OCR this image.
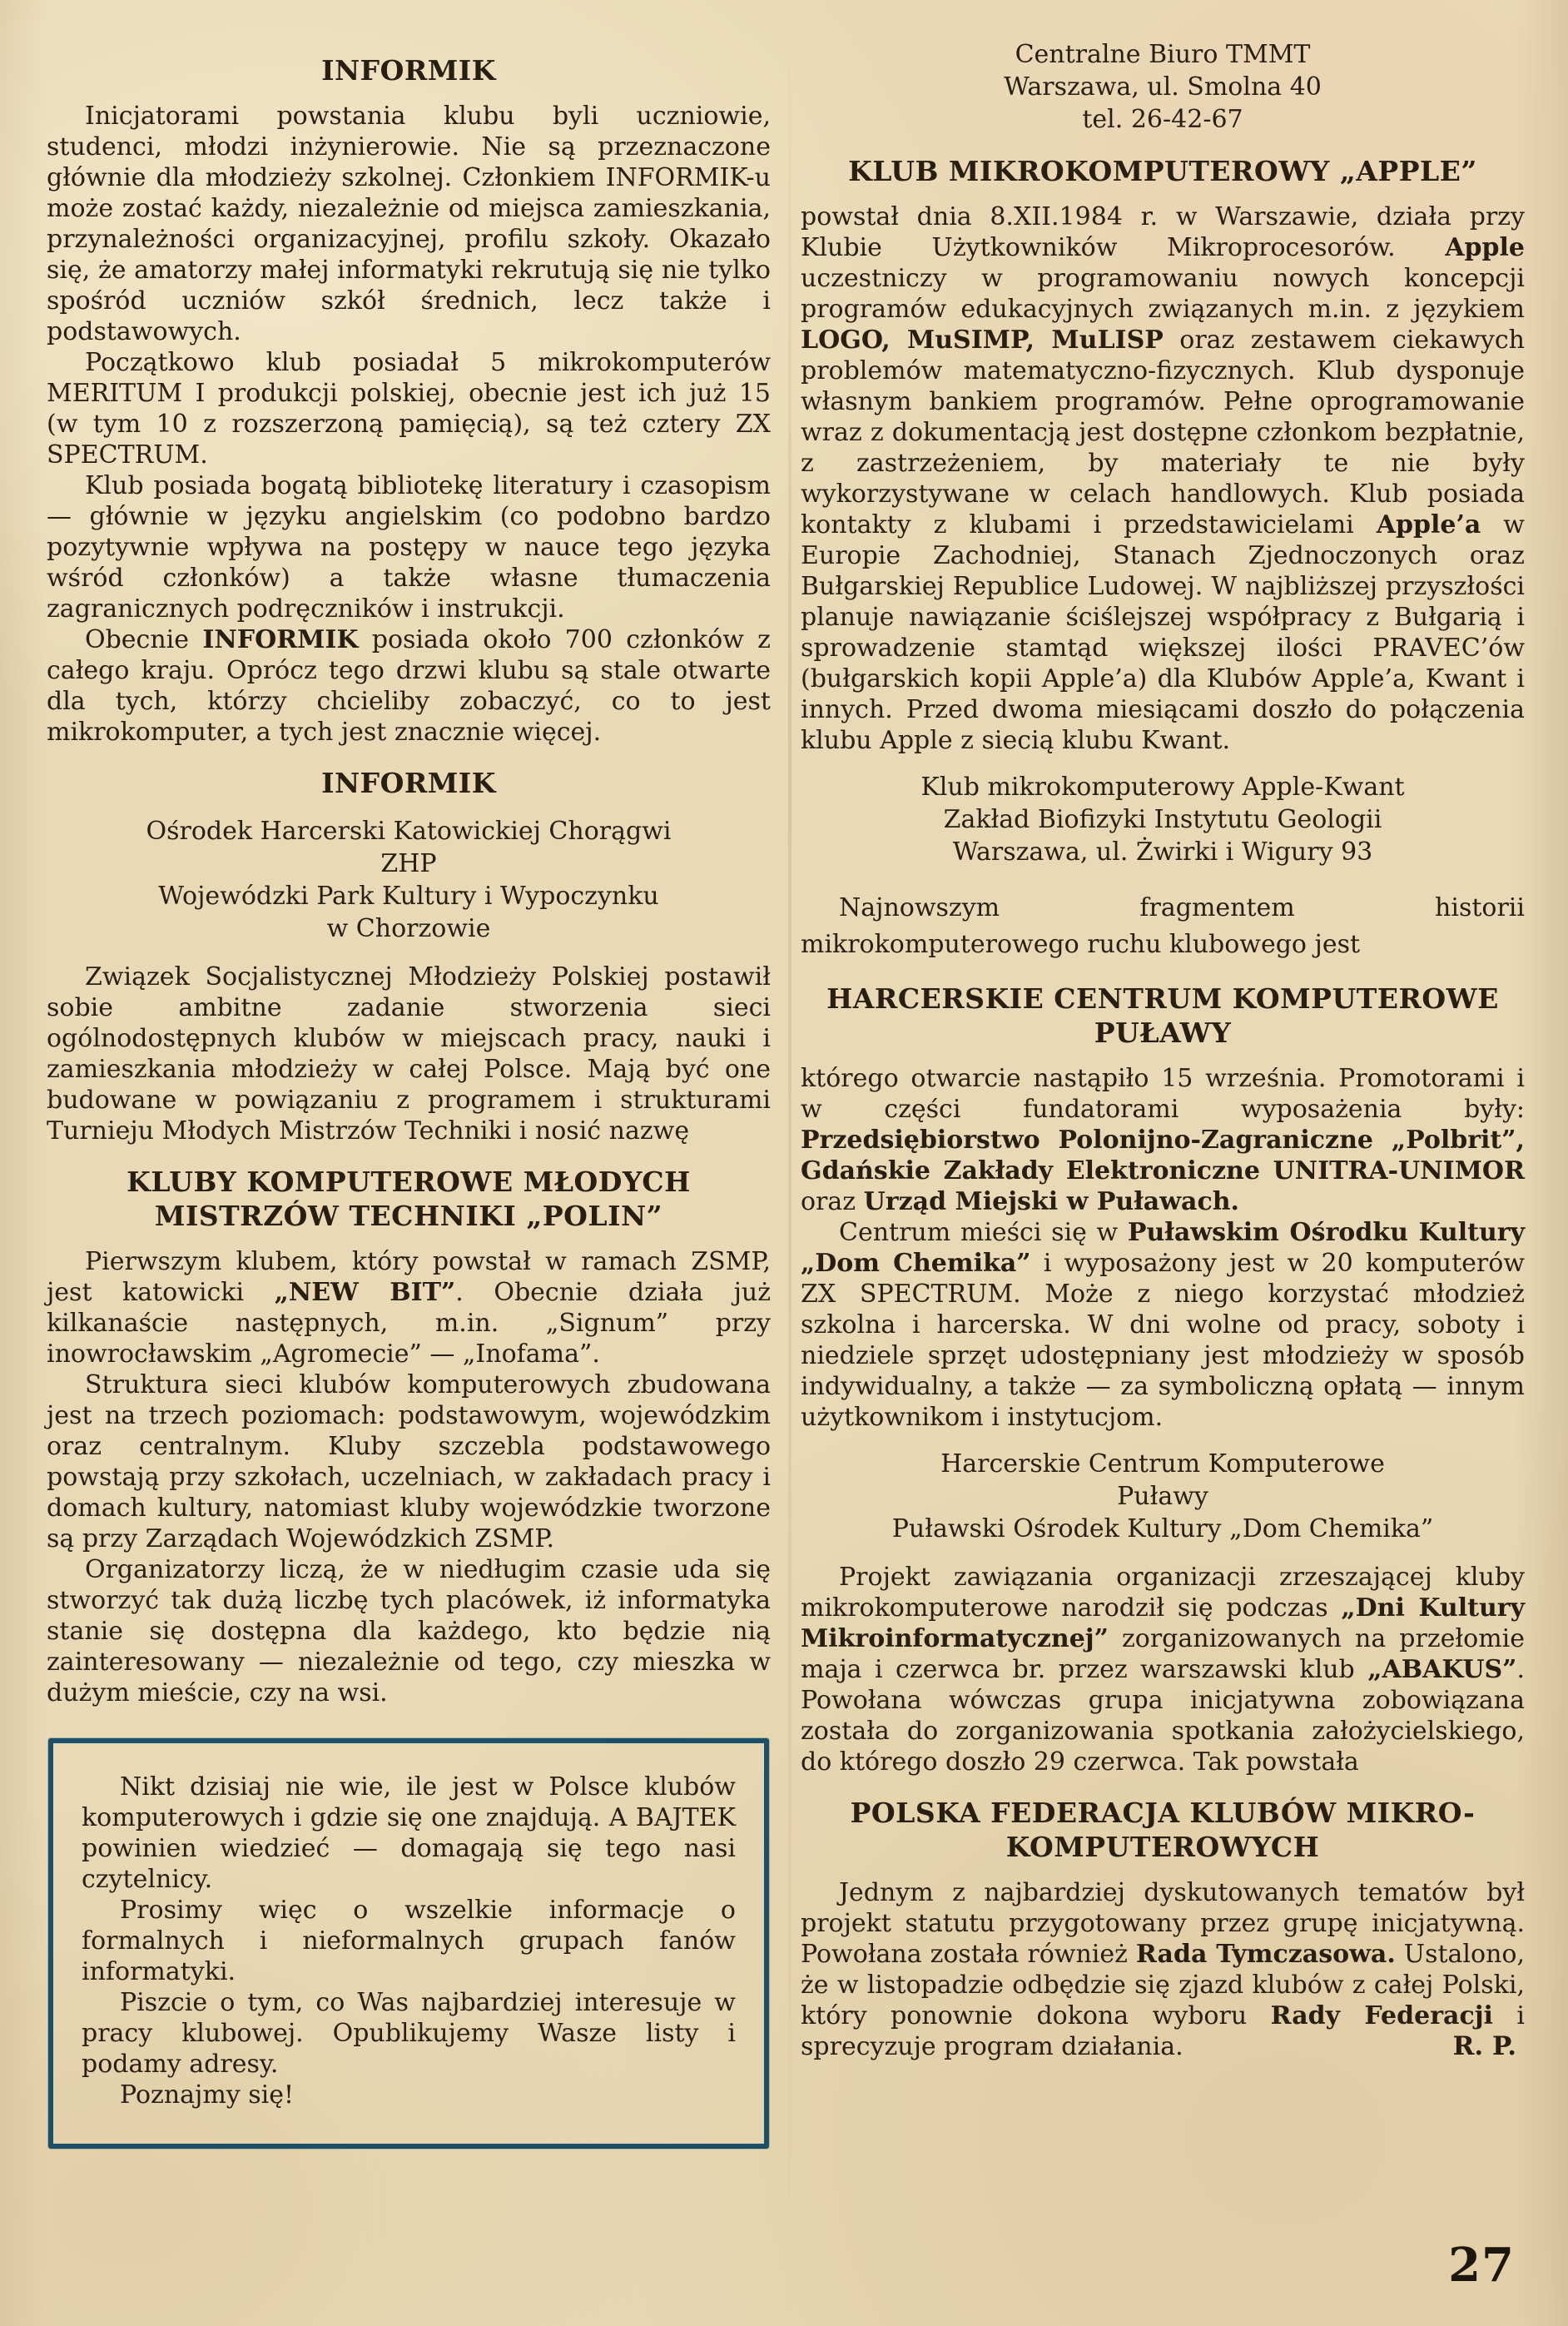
INFORMIK

Inicjatorami powstania klubu byli uczniowie, studenci, młodzi inżynierowie. Nie są przeznaczone głównie dla młodzieży szkolnej. Członkiem INFORMIK-u może zostać każdy, niezależnie od miejsca zamieszkania, przynależności organizacyjnej, profilu szkoły. Okazało się, że amatorzy małej informatyki rekrutują się nie tylko spośród uczniów szkół średnich, lecz także i podstawowych.

Początkowo klub posiadał 5 mikrokomputerów MERITUM I produkcji polskiej, obecnie jest ich już 15 (w tym 10 z rozszerzoną pamięcią), są też cztery ZX SPECTRUM.

Klub posiada bogatą bibliotekę literatury i czasopism — głównie w języku angielskim (co podobno bardzo pozytywnie wpływa na postępy w nauce tego języka wśród członków) a także własne tłumaczenia zagranicznych podręczników i instrukcji.

Obecnie INFORMIK posiada około 700 członków z całego kraju. Oprócz tego drzwi klubu są stale otwarte dla tych, którzy chcieliby zobaczyć, co to jest mikrokomputer, a tych jest znacznie więcej.

INFORMIK
Ośrodek Harcerski Katowickiej Chorągwi
ZHP
Wojewódzki Park Kultury i Wypoczynku
w Chorzowie

Związek Socjalistycznej Młodzieży Polskiej postawił sobie ambitne zadanie stworzenia sieci ogólnodostępnych klubów w miejscach pracy, nauki i zamieszkania młodzieży w całej Polsce. Mają być one budowane w powiązaniu z programem i strukturami Turnieju Młodych Mistrzów Techniki i nosić nazwę

KLUBY KOMPUTEROWE MŁODYCH
MISTRZÓW TECHNIKI „POLIN”

Pierwszym klubem, który powstał w ramach ZSMP, jest katowicki „NEW BIT”. Obecnie działa już kilkanaście następnych, m.in. „Signum” przy inowrocławskim „Agromecie” — „Inofama”.

Struktura sieci klubów komputerowych zbudowana jest na trzech poziomach: podstawowym, wojewódzkim oraz centralnym. Kluby szczebla podstawowego powstają przy szkołach, uczelniach, w zakładach pracy i domach kultury, natomiast kluby wojewódzkie tworzone są przy Zarządach Wojewódzkich ZSMP.

Organizatorzy liczą, że w niedługim czasie uda się stworzyć tak dużą liczbę tych placówek, iż informatyka stanie się dostępna dla każdego, kto będzie nią zainteresowany — niezależnie od tego, czy mieszka w dużym mieście, czy na wsi.

Nikt dzisiaj nie wie, ile jest w Polsce klubów komputerowych i gdzie się one znajdują. A BAJTEK powinien wiedzieć — domagają się tego nasi czytelnicy.

Prosimy więc o wszelkie informacje o formalnych i nieformalnych grupach fanów informatyki.

Piszcie o tym, co Was najbardziej interesuje w pracy klubowej. Opublikujemy Wasze listy i podamy adresy.

Poznajmy się!

Centralne Biuro TMMT
Warszawa, ul. Smolna 40
tel. 26-42-67
KLUB MIKROKOMPUTEROWY „APPLE”

powstał dnia 8.XII.1984 r. w Warszawie, działa przy Klubie Użytkowników Mikroprocesorów. Apple uczestniczy w programowaniu nowych koncepcji programów edukacyjnych związanych m.in. z językiem LOGO, MuSIMP, MuLISP oraz zestawem ciekawych problemów matematyczno-fizycznych. Klub dysponuje własnym bankiem programów. Pełne oprogramowanie wraz z dokumentacją jest dostępne członkom bezpłatnie, z zastrzeżeniem, by materiały te nie były wykorzystywane w celach handlowych. Klub posiada kontakty z klubami i przedstawicielami Apple’a w Europie Zachodniej, Stanach Zjednoczonych oraz Bułgarskiej Republice Ludowej. W najbliższej przyszłości planuje nawiązanie ściślejszej współpracy z Bułgarią i sprowadzenie stamtąd większej ilości PRAVEC’ów (bułgarskich kopii Apple’a) dla Klubów Apple’a, Kwant i innych. Przed dwoma miesiącami doszło do połączenia klubu Apple z siecią klubu Kwant.

Klub mikrokomputerowy Apple-Kwant
Zakład Biofizyki Instytutu Geologii
Warszawa, ul. Żwirki i Wigury 93

Najnowszym fragmentem historii mikrokomputerowego ruchu klubowego jest

HARCERSKIE CENTRUM KOMPUTEROWE
PUŁAWY

którego otwarcie nastąpiło 15 września. Promotorami i w części fundatorami wyposażenia były: Przedsiębiorstwo Polonijno-Zagraniczne „Polbrit”, Gdańskie Zakłady Elektroniczne UNITRA-UNIMOR oraz Urząd Miejski w Puławach.

Centrum mieści się w Puławskim Ośrodku Kultury „Dom Chemika” i wyposażony jest w 20 komputerów ZX SPECTRUM. Może z niego korzystać młodzież szkolna i harcerska. W dni wolne od pracy, soboty i niedziele sprzęt udostępniany jest młodzieży w sposób indywidualny, a także — za symboliczną opłatą — innym użytkownikom i instytucjom.

Harcerskie Centrum Komputerowe
Puławy
Puławski Ośrodek Kultury „Dom Chemika”

Projekt zawiązania organizacji zrzeszającej kluby mikrokomputerowe narodził się podczas „Dni Kultury Mikroinformatycznej” zorganizowanych na przełomie maja i czerwca br. przez warszawski klub „ABAKUS”. Powołana wówczas grupa inicjatywna zobowiązana została do zorganizowania spotkania założycielskiego, do którego doszło 29 czerwca. Tak powstała

POLSKA FEDERACJA KLUBÓW MIKRO-
KOMPUTEROWYCH

Jednym z najbardziej dyskutowanych tematów był projekt statutu przygotowany przez grupę inicjatywną. Powołana została również Rada Tymczasowa. Ustalono, że w listopadzie odbędzie się zjazd klubów z całej Polski, który ponownie dokona wyboru Rady Federacji i sprecyzuje program działania.	R. P.
27
